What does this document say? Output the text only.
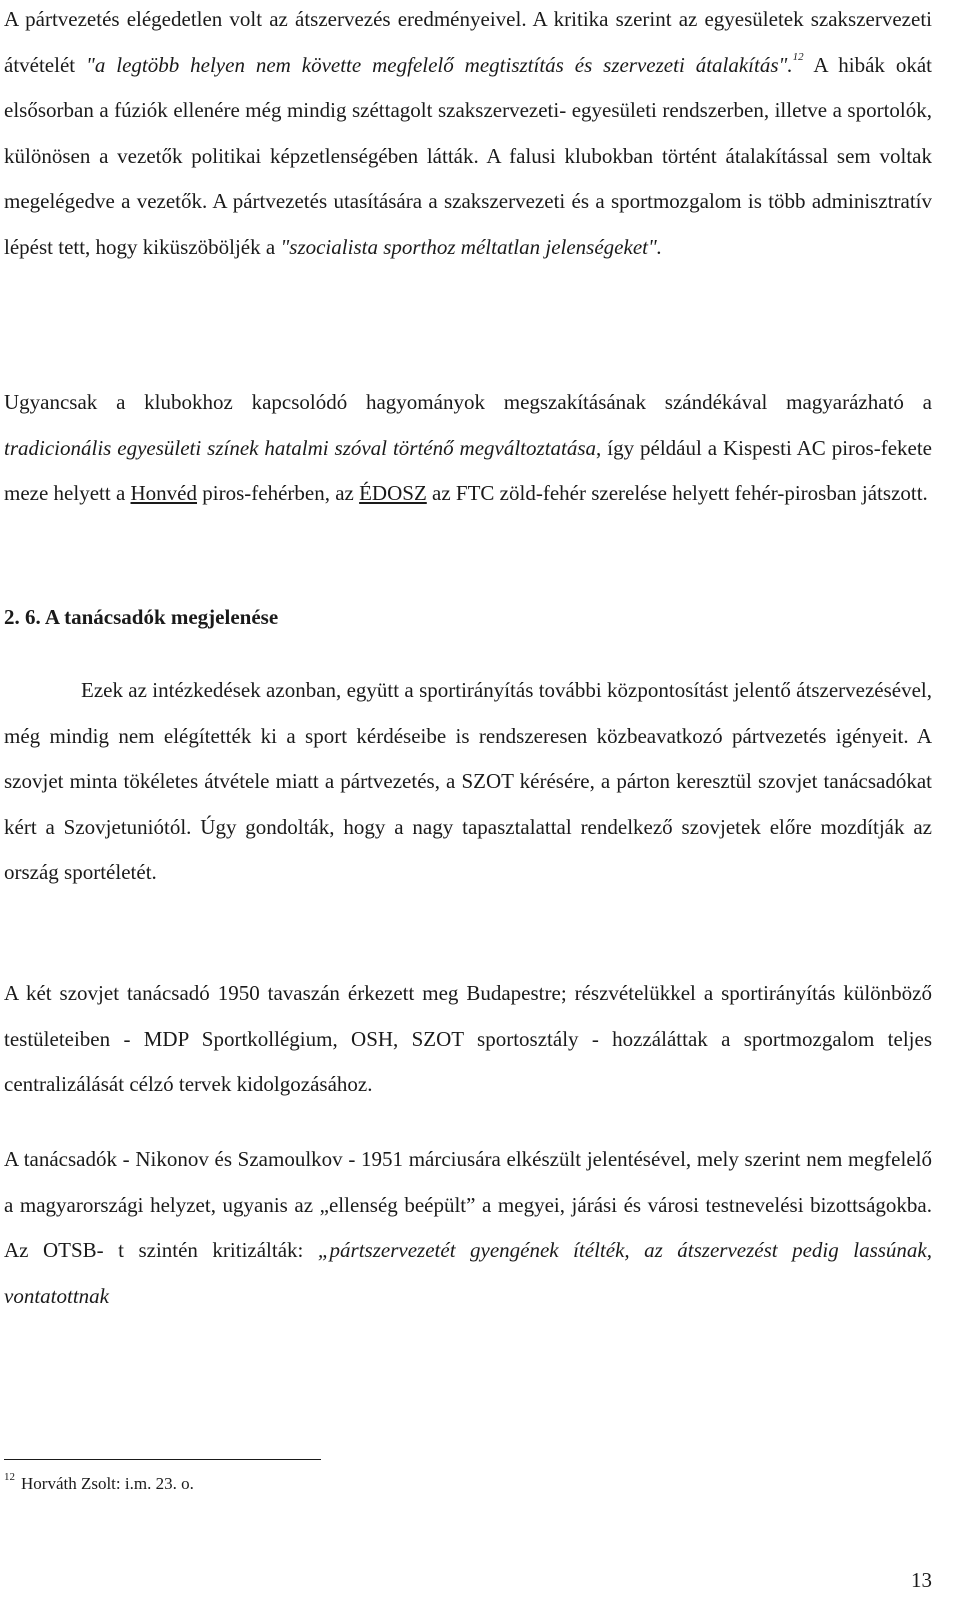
A pártvezetés elégedetlen volt az átszervezés eredményeivel. A kritika szerint az egyesületek szakszervezeti átvételét "a legtöbb helyen nem követte megfelelő megtisztítás és szervezeti átalakítás".$^{12}$ A hibák okát elsősorban a fúziók ellenére még mindig széttagolt szakszervezeti- egyesületi rendszerben, illetve a sportolók, különösen a vezetők politikai képzetlenségében látták. A falusi klubokban történt átalakítással sem voltak megelégedve a vezetők. A pártvezetés utasítására a szakszervezeti és a sportmozgalom is több adminisztratív lépést tett, hogy kiküszöböljék a "szocialista sporthoz méltatlan jelenségeket".

Ugyancsak a klubokhoz kapcsolódó hagyományok megszakításának szándékával magyarázható a tradicionális egyesületi színek hatalmi szóval történő megváltoztatása, így például a Kispesti AC piros-fekete meze helyett a Honvéd piros-fehérben, az ÉDOSZ az FTC zöld-fehér szerelése helyett fehér-pirosban játszott.

2. 6. A tanácsadók megjelenése

Ezek az intézkedések azonban, együtt a sportirányítás további központosítást jelentő átszervezésével, még mindig nem elégítették ki a sport kérdéseibe is rendszeresen közbeavatkozó pártvezetés igényeit. A szovjet minta tökéletes átvétele miatt a pártvezetés, a SZOT kérésére, a párton keresztül szovjet tanácsadókat kért a Szovjetuniótól. Úgy gondolták, hogy a nagy tapasztalattal rendelkező szovjetek előre mozdítják az ország sportéletét.

A két szovjet tanácsadó 1950 tavaszán érkezett meg Budapestre; részvételükkel a sportirányítás különböző testületeiben - MDP Sportkollégium, OSH, SZOT sportosztály - hozzáláttak a sportmozgalom teljes centralizálását célzó tervek kidolgozásához.

A tanácsadók - Nikonov és Szamoulkov - 1951 márciusára elkészült jelentésével, mely szerint nem megfelelő a magyarországi helyzet, ugyanis az „ellenség beépült” a megyei, járási és városi testnevelési bizottságokba. Az OTSB- t szintén kritizálták: „pártszervezetét gyengének ítélték, az átszervezést pedig lassúnak, vontatottnak

$^{12}$ Horváth Zsolt: i.m. 23. o.
13
